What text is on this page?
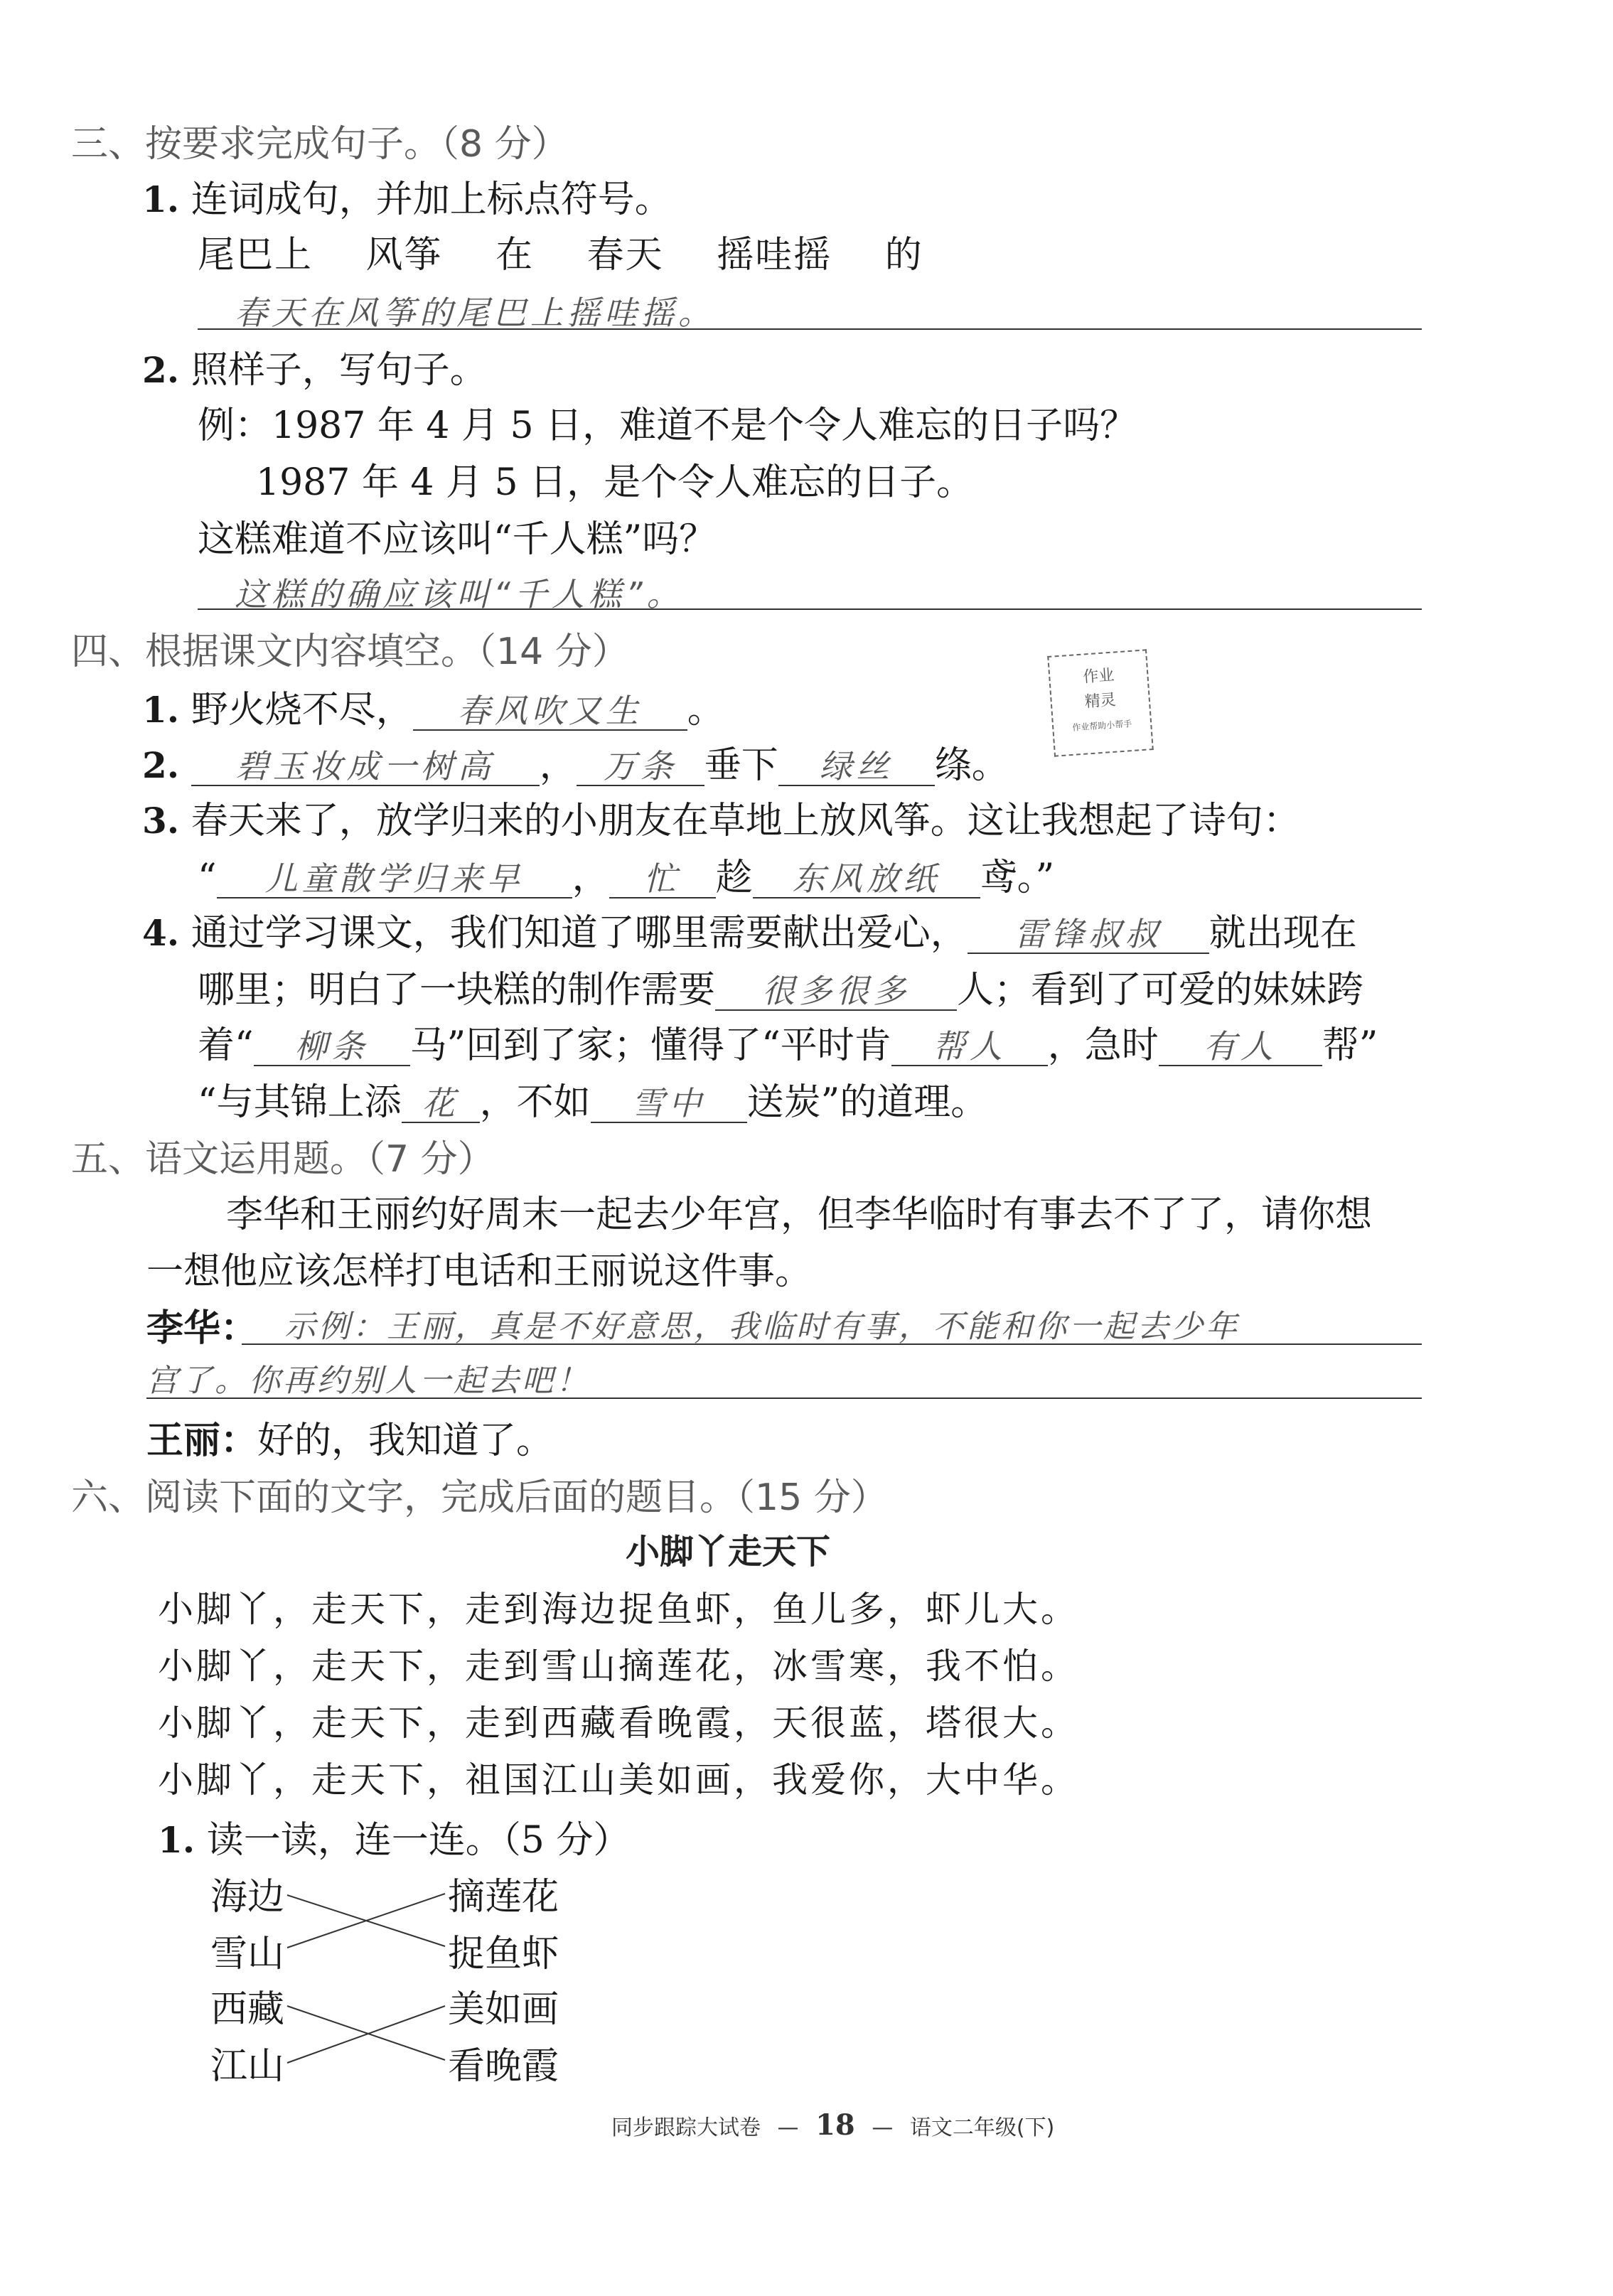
三、按要求完成句子。（8 分）
1. 连词成句，并加上标点符号。
尾巴上 风筝 在 春天 摇哇摇 的
春天在风筝的尾巴上摇哇摇。
2. 照样子，写句子。
例：1987 年 4 月 5 日，难道不是个令人难忘的日子吗？
1987 年 4 月 5 日，是个令人难忘的日子。
这糕难道不应该叫“千人糕”吗？
这糕的确应该叫“千人糕”。
四、根据课文内容填空。（14 分）
作业
精灵
作业帮助小帮手
1. 野火烧不尽， 春风吹又生 。
2. 碧玉妆成一树高 ， 万条 垂下 绿丝 绦。
3. 春天来了，放学归来的小朋友在草地上放风筝。这让我想起了诗句：
“ 儿童散学归来早 ， 忙 趁 东风放纸 鸢。”
4. 通过学习课文，我们知道了哪里需要献出爱心， 雷锋叔叔 就出现在
哪里；明白了一块糕的制作需要 很多很多 人；看到了可爱的妹妹跨
着“ 柳条 马”回到了家；懂得了“平时肯 帮人 ，急时 有人 帮”
“与其锦上添 花 ，不如 雪中 送炭”的道理。
五、语文运用题。（7 分）
李华和王丽约好周末一起去少年宫，但李华临时有事去不了了，请你想
一想他应该怎样打电话和王丽说这件事。
李华： 示例：王丽，真是不好意思，我临时有事，不能和你一起去少年
宫了。你再约别人一起去吧！
王丽：好的，我知道了。
六、阅读下面的文字，完成后面的题目。（15 分）
小脚丫走天下
小脚丫，走天下，走到海边捉鱼虾，鱼儿多，虾儿大。
小脚丫，走天下，走到雪山摘莲花，冰雪寒，我不怕。
小脚丫，走天下，走到西藏看晚霞，天很蓝，塔很大。
小脚丫，走天下，祖国江山美如画，我爱你，大中华。
1. 读一读，连一连。（5 分）
海边
雪山
西藏
江山
摘莲花
捉鱼虾
美如画
看晚霞
同步跟踪大试卷 — 18 — 语文二年级(下)
